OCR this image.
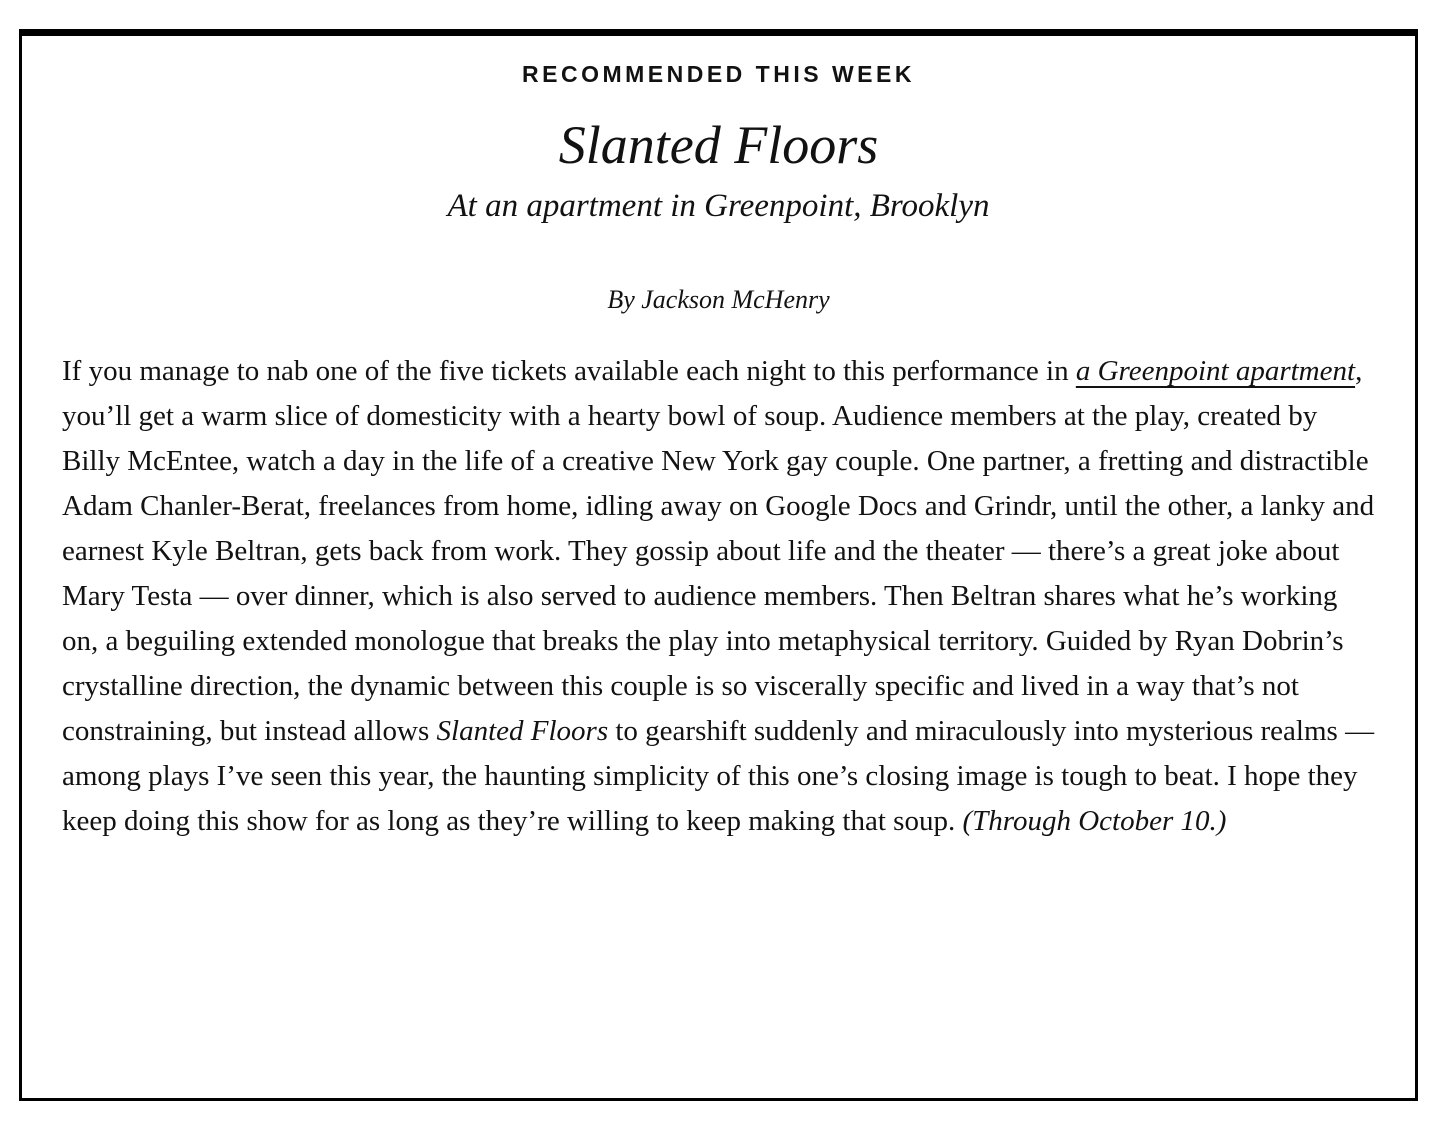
RECOMMENDED THIS WEEK
Slanted Floors
At an apartment in Greenpoint, Brooklyn
By Jackson McHenry

If you manage to nab one of the five tickets available each night to this performance in a Greenpoint apartment, you’ll get a warm slice of domesticity with a hearty bowl of soup. Audience members at the play, created by Billy McEntee, watch a day in the life of a creative New York gay couple. One partner, a fretting and distractible Adam Chanler-Berat, freelances from home, idling away on Google Docs and Grindr, until the other, a lanky and earnest Kyle Beltran, gets back from work. They gossip about life and the theater — there’s a great joke about Mary Testa — over dinner, which is also served to audience members. Then Beltran shares what he’s working on, a beguiling extended monologue that breaks the play into metaphysical territory. Guided by Ryan Dobrin’s crystalline direction, the dynamic between this couple is so viscerally specific and lived in a way that’s not constraining, but instead allows Slanted Floors to gearshift suddenly and miraculously into mysterious realms — among plays I’ve seen this year, the haunting simplicity of this one’s closing image is tough to beat. I hope they keep doing this show for as long as they’re willing to keep making that soup. (Through October 10.)
